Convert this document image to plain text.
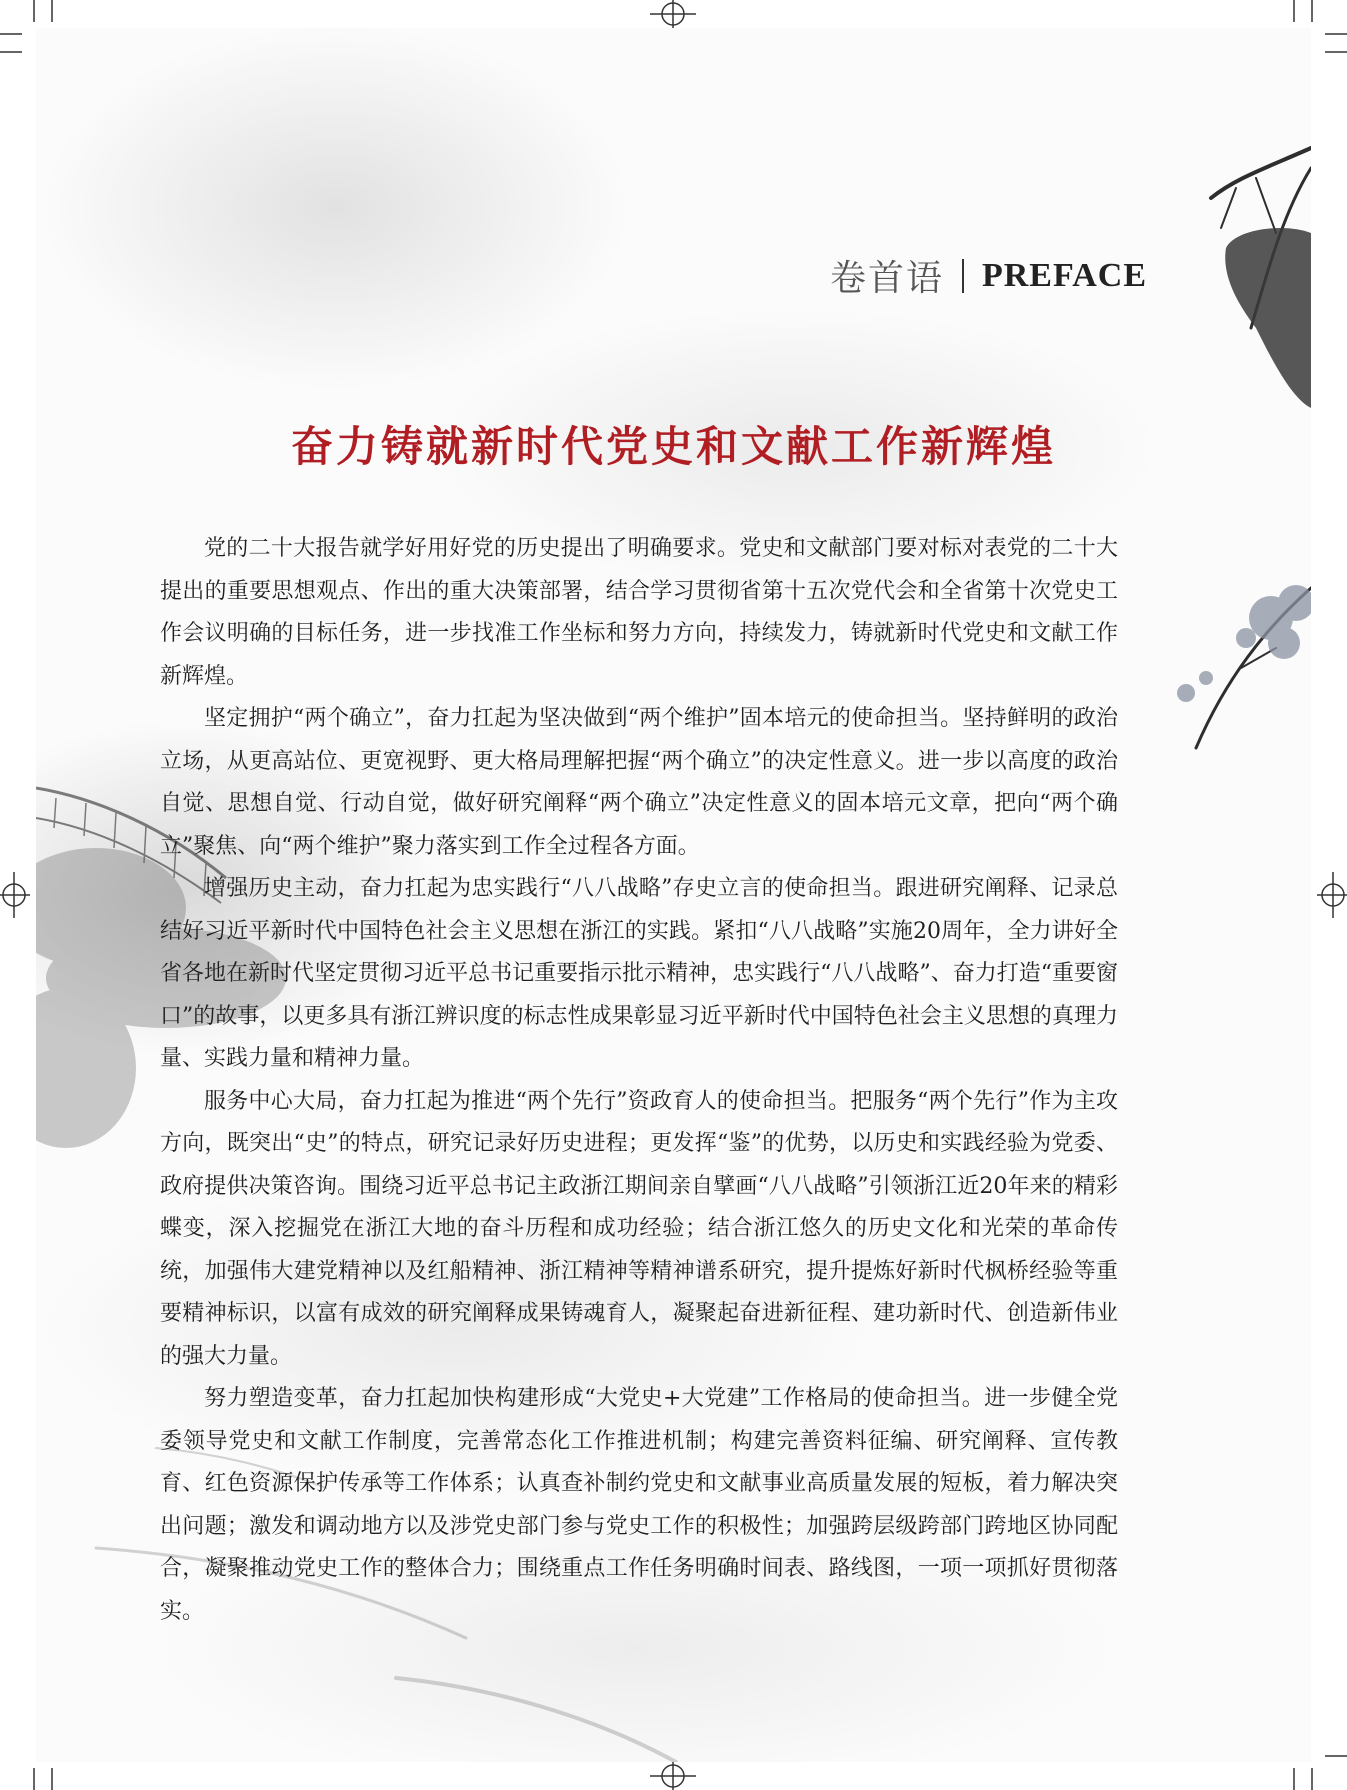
卷首语 PREFACE
奋力铸就新时代党史和文献工作新辉煌

党的二十大报告就学好用好党的历史提出了明确要求。党史和文献部门要对标对表党的二十大提出的重要思想观点、作出的重大决策部署，结合学习贯彻省第十五次党代会和全省第十次党史工作会议明确的目标任务，进一步找准工作坐标和努力方向，持续发力，铸就新时代党史和文献工作新辉煌。

坚定拥护“两个确立”，奋力扛起为坚决做到“两个维护”固本培元的使命担当。坚持鲜明的政治立场，从更高站位、更宽视野、更大格局理解把握“两个确立”的决定性意义。进一步以高度的政治自觉、思想自觉、行动自觉，做好研究阐释“两个确立”决定性意义的固本培元文章，把向“两个确立”聚焦、向“两个维护”聚力落实到工作全过程各方面。

增强历史主动，奋力扛起为忠实践行“八八战略”存史立言的使命担当。跟进研究阐释、记录总结好习近平新时代中国特色社会主义思想在浙江的实践。紧扣“八八战略”实施20周年，全力讲好全省各地在新时代坚定贯彻习近平总书记重要指示批示精神，忠实践行“八八战略”、奋力打造“重要窗口”的故事，以更多具有浙江辨识度的标志性成果彰显习近平新时代中国特色社会主义思想的真理力量、实践力量和精神力量。

服务中心大局，奋力扛起为推进“两个先行”资政育人的使命担当。把服务“两个先行”作为主攻方向，既突出“史”的特点，研究记录好历史进程；更发挥“鉴”的优势，以历史和实践经验为党委、政府提供决策咨询。围绕习近平总书记主政浙江期间亲自擘画“八八战略”引领浙江近20年来的精彩蝶变，深入挖掘党在浙江大地的奋斗历程和成功经验；结合浙江悠久的历史文化和光荣的革命传统，加强伟大建党精神以及红船精神、浙江精神等精神谱系研究，提升提炼好新时代枫桥经验等重要精神标识，以富有成效的研究阐释成果铸魂育人，凝聚起奋进新征程、建功新时代、创造新伟业的强大力量。

努力塑造变革，奋力扛起加快构建形成“大党史+大党建”工作格局的使命担当。进一步健全党委领导党史和文献工作制度，完善常态化工作推进机制；构建完善资料征编、研究阐释、宣传教育、红色资源保护传承等工作体系；认真查补制约党史和文献事业高质量发展的短板，着力解决突出问题；激发和调动地方以及涉党史部门参与党史工作的积极性；加强跨层级跨部门跨地区协同配合，凝聚推动党史工作的整体合力；围绕重点工作任务明确时间表、路线图，一项一项抓好贯彻落实。
